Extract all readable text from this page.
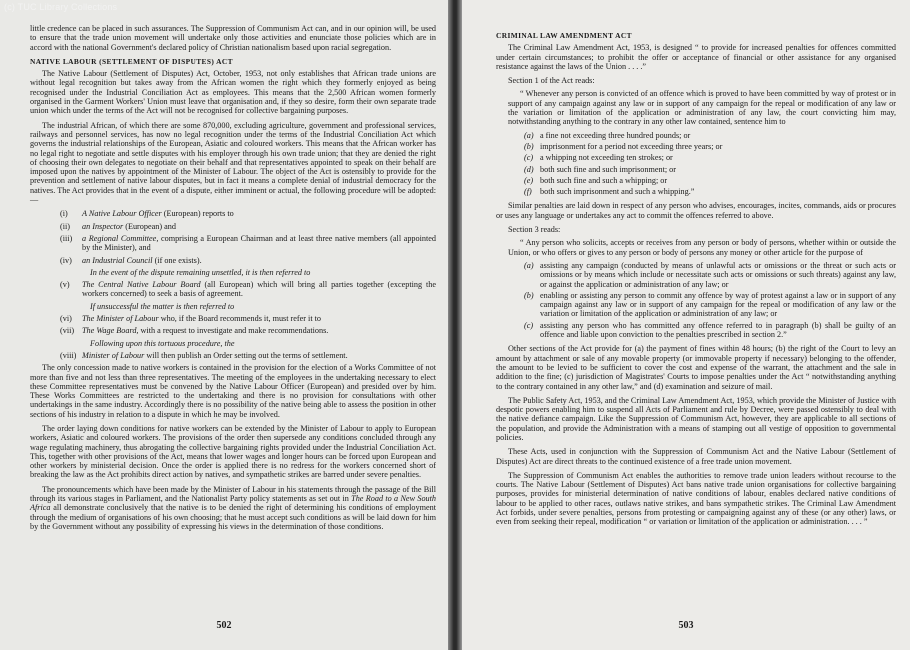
(c) TUC Library Collections

little credence can be placed in such assurances. The Suppression of Communism Act can, and in our opinion will, be used to ensure that the trade union movement will undertake only those activities and enunciate those policies which are in accord with the national Government's declared policy of Christian nationalism based upon racial segregation.

NATIVE LABOUR (SETTLEMENT OF DISPUTES) ACT

The Native Labour (Settlement of Disputes) Act, October, 1953, not only establishes that African trade unions are without legal recognition but takes away from the African women the right which they formerly enjoyed as being recognised under the Industrial Conciliation Act as employees. This means that the 2,500 African women formerly organised in the Garment Workers' Union must leave that organisation and, if they so desire, form their own separate trade union which under the terms of the Act will not be recognised for collective bargaining purposes.

The industrial African, of which there are some 870,000, excluding agriculture, government and professional services, railways and personnel services, has now no legal recognition under the terms of the Industrial Conciliation Act which governs the industrial relationships of the European, Asiatic and coloured workers. This means that the African worker has no legal right to negotiate and settle disputes with his employer through his own trade union; that they are denied the right of choosing their own delegates to negotiate on their behalf and that representatives appointed to speak on their behalf are imposed upon the natives by appointment of the Minister of Labour. The object of the Act is ostensibly to provide for the prevention and settlement of native labour disputes, but in fact it means a complete denial of industrial democracy for the natives. The Act provides that in the event of a dispute, either imminent or actual, the following procedure will be adopted:—

(i)	A Native Labour Officer (European) reports to
(ii)	an Inspector (European) and
(iii)	a Regional Committee, comprising a European Chairman and at least three native members (all appointed by the Minister), and
(iv)	an Industrial Council (if one exists).
In the event of the dispute remaining unsettled, it is then referred to
(v)	The Central Native Labour Board (all European) which will bring all parties together (excepting the workers concerned) to seek a basis of agreement.
If unsuccessful the matter is then referred to
(vi)	The Minister of Labour who, if the Board recommends it, must refer it to
(vii) The Wage Board, with a request to investigate and make recommendations.
Following upon this tortuous procedure, the
(viii) Minister of Labour will then publish an Order setting out the terms of settlement.

The only concession made to native workers is contained in the provision for the election of a Works Committee of not more than five and not less than three representatives. The meeting of the employees in the undertaking necessary to elect these Committee representatives must be convened by the Native Labour Officer (European) and presided over by him. These Works Committees are restricted to the undertaking and there is no provision for consultations with other undertakings in the same industry. Accordingly there is no possibility of the native being able to assess the position in other sections of his industry in relation to a dispute in which he may be involved.

The order laying down conditions for native workers can be extended by the Minister of Labour to apply to European workers, Asiatic and coloured workers. The provisions of the order then supersede any conditions concluded through any wage regulating machinery, thus abrogating the collective bargaining rights provided under the Industrial Conciliation Act. This, together with other provisions of the Act, means that lower wages and longer hours can be forced upon European and other workers by ministerial decision. Once the order is applied there is no redress for the workers concerned short of breaking the law as the Act prohibits direct action by natives, and sympathetic strikes are barred under severe penalties.

The pronouncements which have been made by the Minister of Labour in his statements through the passage of the Bill through its various stages in Parliament, and the Nationalist Party policy statements as set out in The Road to a New South Africa all demonstrate conclusively that the native is to be denied the right of determining his conditions of employment through the medium of organisations of his own choosing; that he must accept such conditions as will be laid down for him by the Government without any possibility of expressing his views in the determination of those conditions.

502
CRIMINAL LAW AMENDMENT ACT

The Criminal Law Amendment Act, 1953, is designed “ to provide for increased penalties for offences committed under certain circumstances; to prohibit the offer or acceptance of financial or other assistance for any organised resistance against the laws of the Union . . . .”

Section 1 of the Act reads:

“ Whenever any person is convicted of an offence which is proved to have been committed by way of protest or in support of any campaign against any law or in support of any campaign for the repeal or modification of any law or the variation or limitation of the application or administration of any law, the court convicting him may, notwithstanding anything to the contrary in any other law contained, sentence him to

(a) a fine not exceeding three hundred pounds; or
(b) imprisonment for a period not exceeding three years; or
(c) a whipping not exceeding ten strokes; or
(d) both such fine and such imprisonment; or
(e) both such fine and such a whipping; or
(f)	both such imprisonment and such a whipping.”

Similar penalties are laid down in respect of any person who advises, encourages, incites, commands, aids or procures or uses any language or undertakes any act to commit the offences referred to above.

Section 3 reads:

“ Any person who solicits, accepts or receives from any person or body of persons, whether within or outside the Union, or who offers or gives to any person or body of persons any money or other article for the purpose of

(a) assisting any campaign (conducted by means of unlawful acts or omissions or the threat or such acts or omissions or by means which include or necessitate such acts or omissions or such threats) against any law, or against the application or administration of any law; or
(b) enabling or assisting any person to commit any offence by way of protest against a law or in support of any campaign against any law or in support of any campaign for the repeal or modification of any law or the variation or limitation of the application or administration of any law; or
(c) assisting any person who has committed any offence referred to in paragraph (b) shall be guilty of an offence and liable upon conviction to the penalties prescribed in section 2.”

Other sections of the Act provide for (a) the payment of fines within 48 hours; (b) the right of the Court to levy an amount by attachment or sale of any movable property (or immovable property if necessary) belonging to the offender, the amount to be levied to be sufficient to cover the cost and expense of the warrant, the attachment and the sale in addition to the fine; (c) jurisdiction of Magistrates' Courts to impose penalties under the Act “ notwithstanding anything to the contrary contained in any other law,” and (d) examination and seizure of mail.

The Public Safety Act, 1953, and the Criminal Law Amendment Act, 1953, which provide the Minister of Justice with despotic powers enabling him to suspend all Acts of Parliament and rule by Decree, were passed ostensibly to deal with the native defiance campaign. Like the Suppression of Communism Act, however, they are applicable to all sections of the population, and provide the Administration with a means of stamping out all vestige of opposition to governmental policies.

These Acts, used in conjunction with the Suppression of Communism Act and the Native Labour (Settlement of Disputes) Act are direct threats to the continued existence of a free trade union movement.

The Suppression of Communism Act enables the authorities to remove trade union leaders without recourse to the courts. The Native Labour (Settlement of Disputes) Act bans native trade union organisations for collective bargaining purposes, provides for ministerial determination of native conditions of labour, enables declared native conditions of labour to be applied to other races, outlaws native strikes, and bans sympathetic strikes. The Criminal Law Amendment Act forbids, under severe penalties, persons from protesting or campaigning against any of these (or any other) laws, or even from seeking their repeal, modification “ or variation or limitation of the application or administration. . . . ”

503
